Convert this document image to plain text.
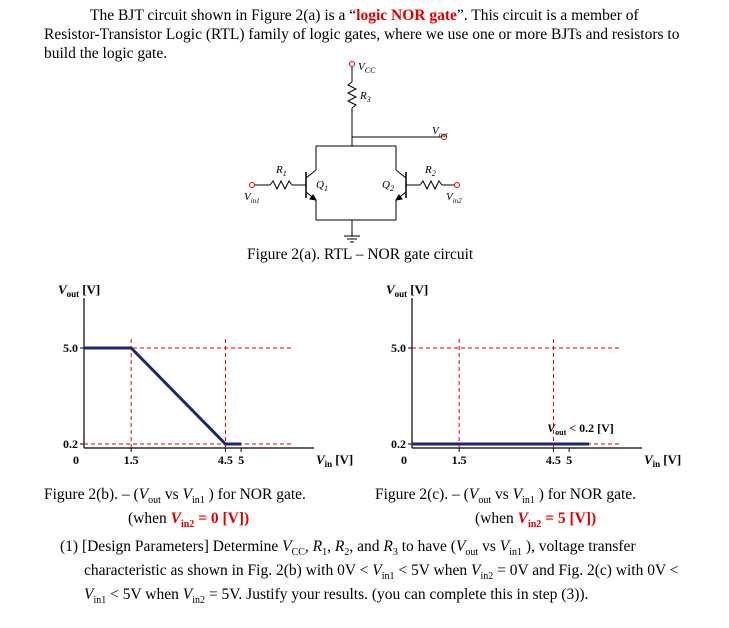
The BJT circuit shown in Figure 2(a) is a “logic NOR gate”. This circuit is a member of
Resistor-Transistor Logic (RTL) family of logic gates, where we use one or more BJTs and resistors to
build the logic gate.
$V_{CC}$
$R_3$
$V_{out}$
$R_1$
$Q_1$	$Q_2$
$R_2$
$V_{in1}$	$V_{in2}$
Figure 2(a). RTL – NOR gate circuit
5.0
0.2
0	1.5	4.5 5
$V_{out}$ [V]
$V_{in}$ [V]
5.0
0.2
0	1.5	4.5 5
$V_{out}$ [V]
$V_{in}$ [V]
$V_{out} < 0.2$ [V]
Figure 2(b). – ($V_{out}$ vs $V_{in1}$ ) for NOR gate.
(when $V_{in2} = 0$ [V])
Figure 2(c). – ($V_{out}$ vs $V_{in1}$ ) for NOR gate.
(when $V_{in2} = 5$ [V])
(1) [Design Parameters] Determine $V_{CC}$, $R_1$, $R_2$, and $R_3$ to have ($V_{out}$ vs $V_{in1}$ ), voltage transfer
characteristic as shown in Fig. 2(b) with $0V < V_{in1} < 5V$ when $V_{in2} = 0V$ and Fig. 2(c) with 0V <
$V_{in1} < 5V$ when $V_{in2} = 5V$. Justify your results. (you can complete this in step (3)).
